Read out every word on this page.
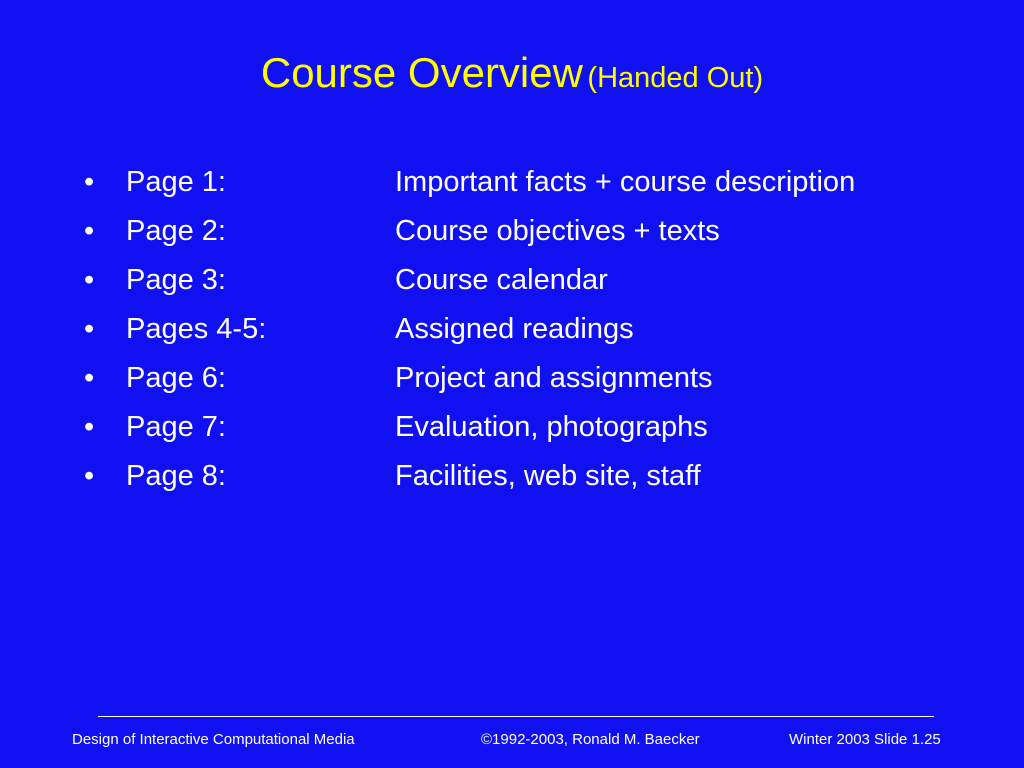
Course Overview (Handed Out)
• Page 1:	Important facts + course description
• Page 2:	Course objectives + texts
• Page 3:	Course calendar
• Pages 4-5:	Assigned readings
• Page 6:	Project and assignments
• Page 7:	Evaluation, photographs
• Page 8:	Facilities, web site, staff
Design of Interactive Computational Media	©1992-2003, Ronald M. Baecker	Winter 2003 Slide 1.25
